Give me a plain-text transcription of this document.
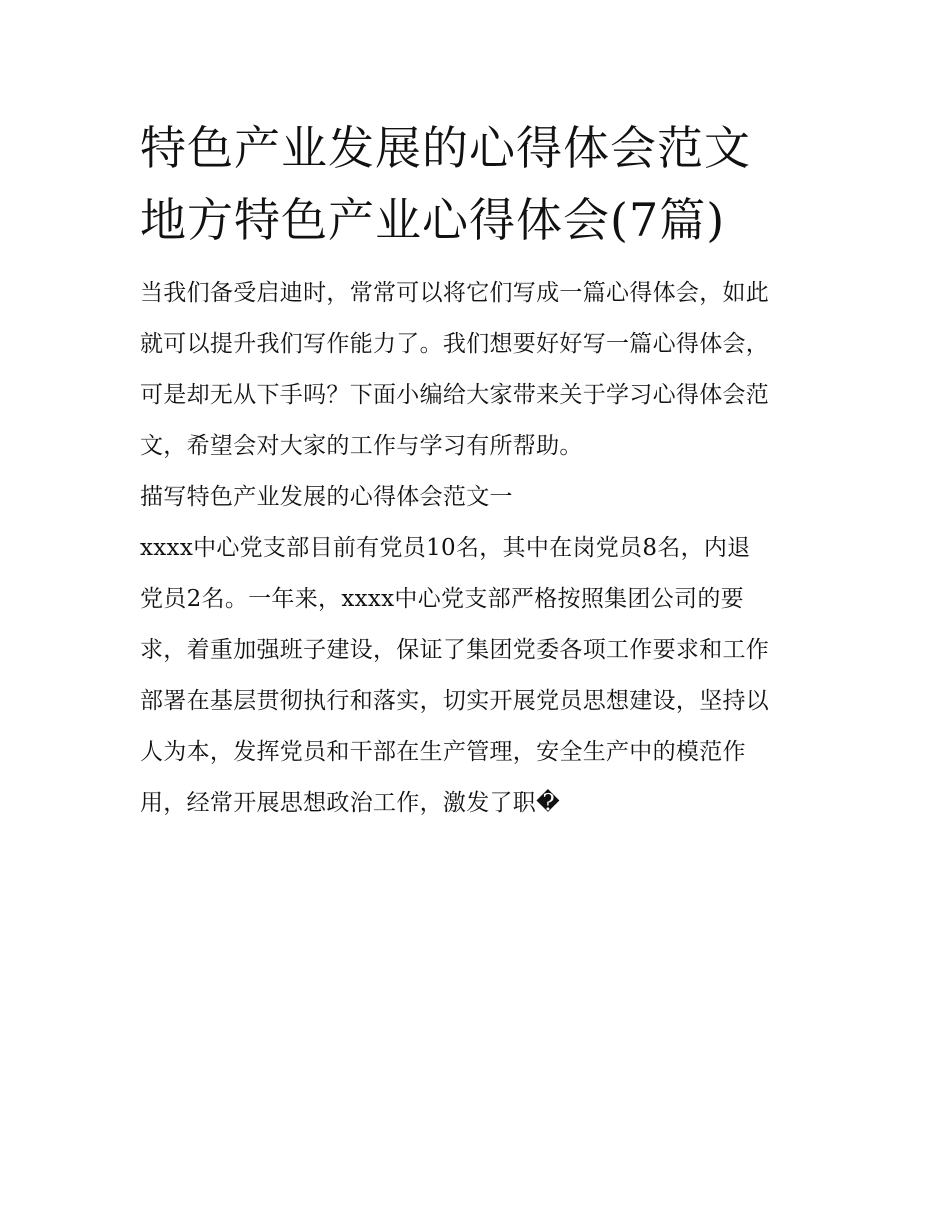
特色产业发展的心得体会范文
地方特色产业心得体会(7篇)

当我们备受启迪时，常常可以将它们写成一篇心得体会，如此
就可以提升我们写作能力了。我们想要好好写一篇心得体会，
可是却无从下手吗？下面小编给大家带来关于学习心得体会范
文，希望会对大家的工作与学习有所帮助。

描写特色产业发展的心得体会范文一

xxxx中心党支部目前有党员10名，其中在岗党员8名，内退
党员2名。一年来，xxxx中心党支部严格按照集团公司的要
求，着重加强班子建设，保证了集团党委各项工作要求和工作
部署在基层贯彻执行和落实，切实开展党员思想建设，坚持以
人为本，发挥党员和干部在生产管理，安全生产中的模范作
用，经常开展思想政治工作，激发了职�
